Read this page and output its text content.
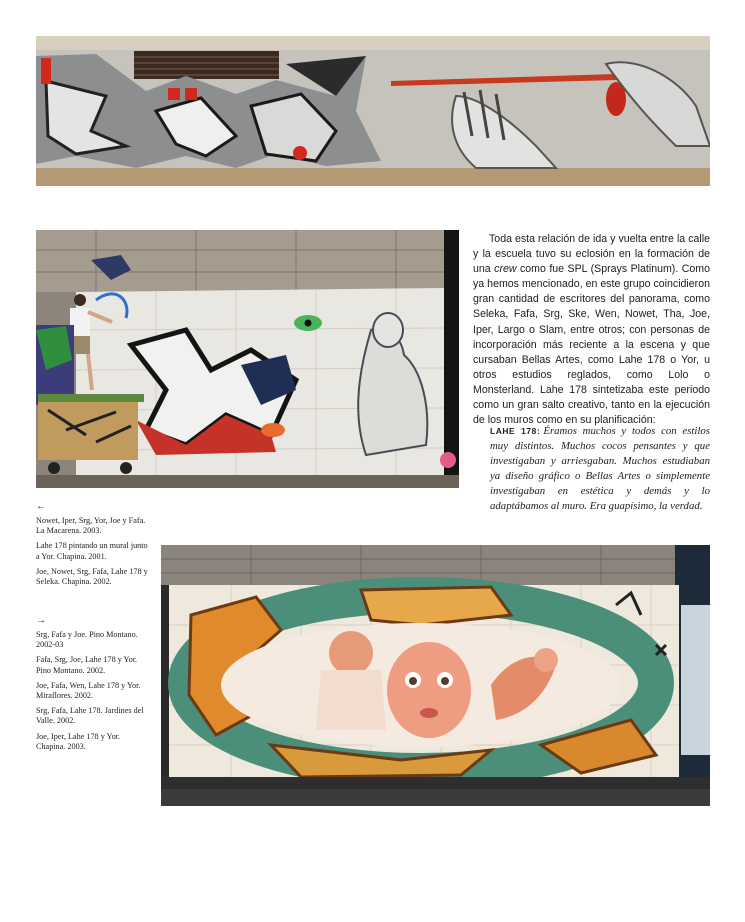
Toda esta relación de ida y vuelta entre la calle y la escuela tuvo su eclosión en la formación de una crew como fue SPL (Sprays Platinum). Como ya hemos mencionado, en este grupo coincidieron gran cantidad de escritores del panorama, como Seleka, Fafa, Srg, Ske, Wen, Nowet, Tha, Joe, Iper, Largo o Slam, entre otros; con personas de incorporación más reciente a la escena y que cursaban Bellas Artes, como Lahe 178 o Yor, u otros estudios reglados, como Lolo o Monsterland. Lahe 178 sintetizaba este periodo como un gran salto creativo, tanto en la ejecución de los muros como en su planificación:

LAHE 178: Éramos muchos y todos con estilos muy distintos. Muchos cocos pensantes y que investigaban y arriesgaban. Muchos estudiaban ya diseño gráfico o Bellas Artes o simplemente investigaban en estética y demás y lo adaptábamos al muro. Era guapísimo, la verdad.

←
Nowet, Iper, Srg, Yor, Joe y Fafa. La Macarena. 2003.
Lahe 178 pintando un mural junto a Yor. Chapina. 2001.
Joe, Nowet, Srg, Fafa, Lahe 178 y Seleka. Chapina. 2002.
→
Srg, Fafa y Joe. Pino Montano. 2002-03
Fafa, Srg, Joe, Lahe 178 y Yor. Pino Montano. 2002.
Joe, Fafa, Wen, Lahe 178 y Yor. Miraflores. 2002.
Srg, Fafa, Lahe 178. Jardines del Valle. 2002.
Joe, Iper, Lahe 178 y Yor. Chapina. 2003.
